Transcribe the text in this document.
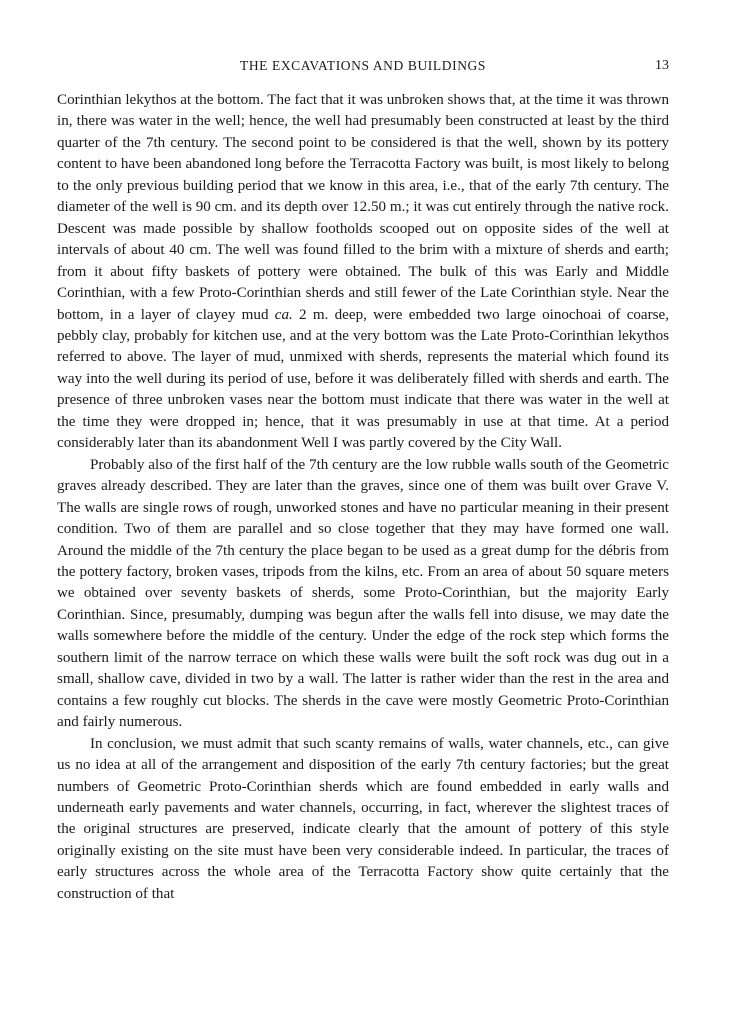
THE EXCAVATIONS AND BUILDINGS	13

Corinthian lekythos at the bottom. The fact that it was unbroken shows that, at the time it was thrown in, there was water in the well; hence, the well had presumably been constructed at least by the third quarter of the 7th century. The second point to be considered is that the well, shown by its pottery content to have been abandoned long before the Terracotta Factory was built, is most likely to belong to the only previous building period that we know in this area, i.e., that of the early 7th century. The diameter of the well is 90 cm. and its depth over 12.50 m.; it was cut entirely through the native rock. Descent was made possible by shallow footholds scooped out on opposite sides of the well at intervals of about 40 cm. The well was found filled to the brim with a mixture of sherds and earth; from it about fifty baskets of pottery were obtained. The bulk of this was Early and Middle Corinthian, with a few Proto-Corinthian sherds and still fewer of the Late Corinthian style. Near the bottom, in a layer of clayey mud ca. 2 m. deep, were embedded two large oinochoai of coarse, pebbly clay, probably for kitchen use, and at the very bottom was the Late Proto-Corinthian lekythos referred to above. The layer of mud, unmixed with sherds, represents the material which found its way into the well during its period of use, before it was deliberately filled with sherds and earth. The presence of three unbroken vases near the bottom must indicate that there was water in the well at the time they were dropped in; hence, that it was presumably in use at that time. At a period considerably later than its abandonment Well I was partly covered by the City Wall.

Probably also of the first half of the 7th century are the low rubble walls south of the Geometric graves already described. They are later than the graves, since one of them was built over Grave V. The walls are single rows of rough, unworked stones and have no particular meaning in their present condition. Two of them are parallel and so close together that they may have formed one wall. Around the middle of the 7th century the place began to be used as a great dump for the débris from the pottery factory, broken vases, tripods from the kilns, etc. From an area of about 50 square meters we obtained over seventy baskets of sherds, some Proto-Corinthian, but the majority Early Corinthian. Since, presumably, dumping was begun after the walls fell into disuse, we may date the walls somewhere before the middle of the century. Under the edge of the rock step which forms the southern limit of the narrow terrace on which these walls were built the soft rock was dug out in a small, shallow cave, divided in two by a wall. The latter is rather wider than the rest in the area and contains a few roughly cut blocks. The sherds in the cave were mostly Geometric Proto-Corinthian and fairly numerous.

In conclusion, we must admit that such scanty remains of walls, water channels, etc., can give us no idea at all of the arrangement and disposition of the early 7th century factories; but the great numbers of Geometric Proto-Corinthian sherds which are found embedded in early walls and underneath early pavements and water channels, occurring, in fact, wherever the slightest traces of the original structures are preserved, indicate clearly that the amount of pottery of this style originally existing on the site must have been very considerable indeed. In particular, the traces of early structures across the whole area of the Terracotta Factory show quite certainly that the construction of that
